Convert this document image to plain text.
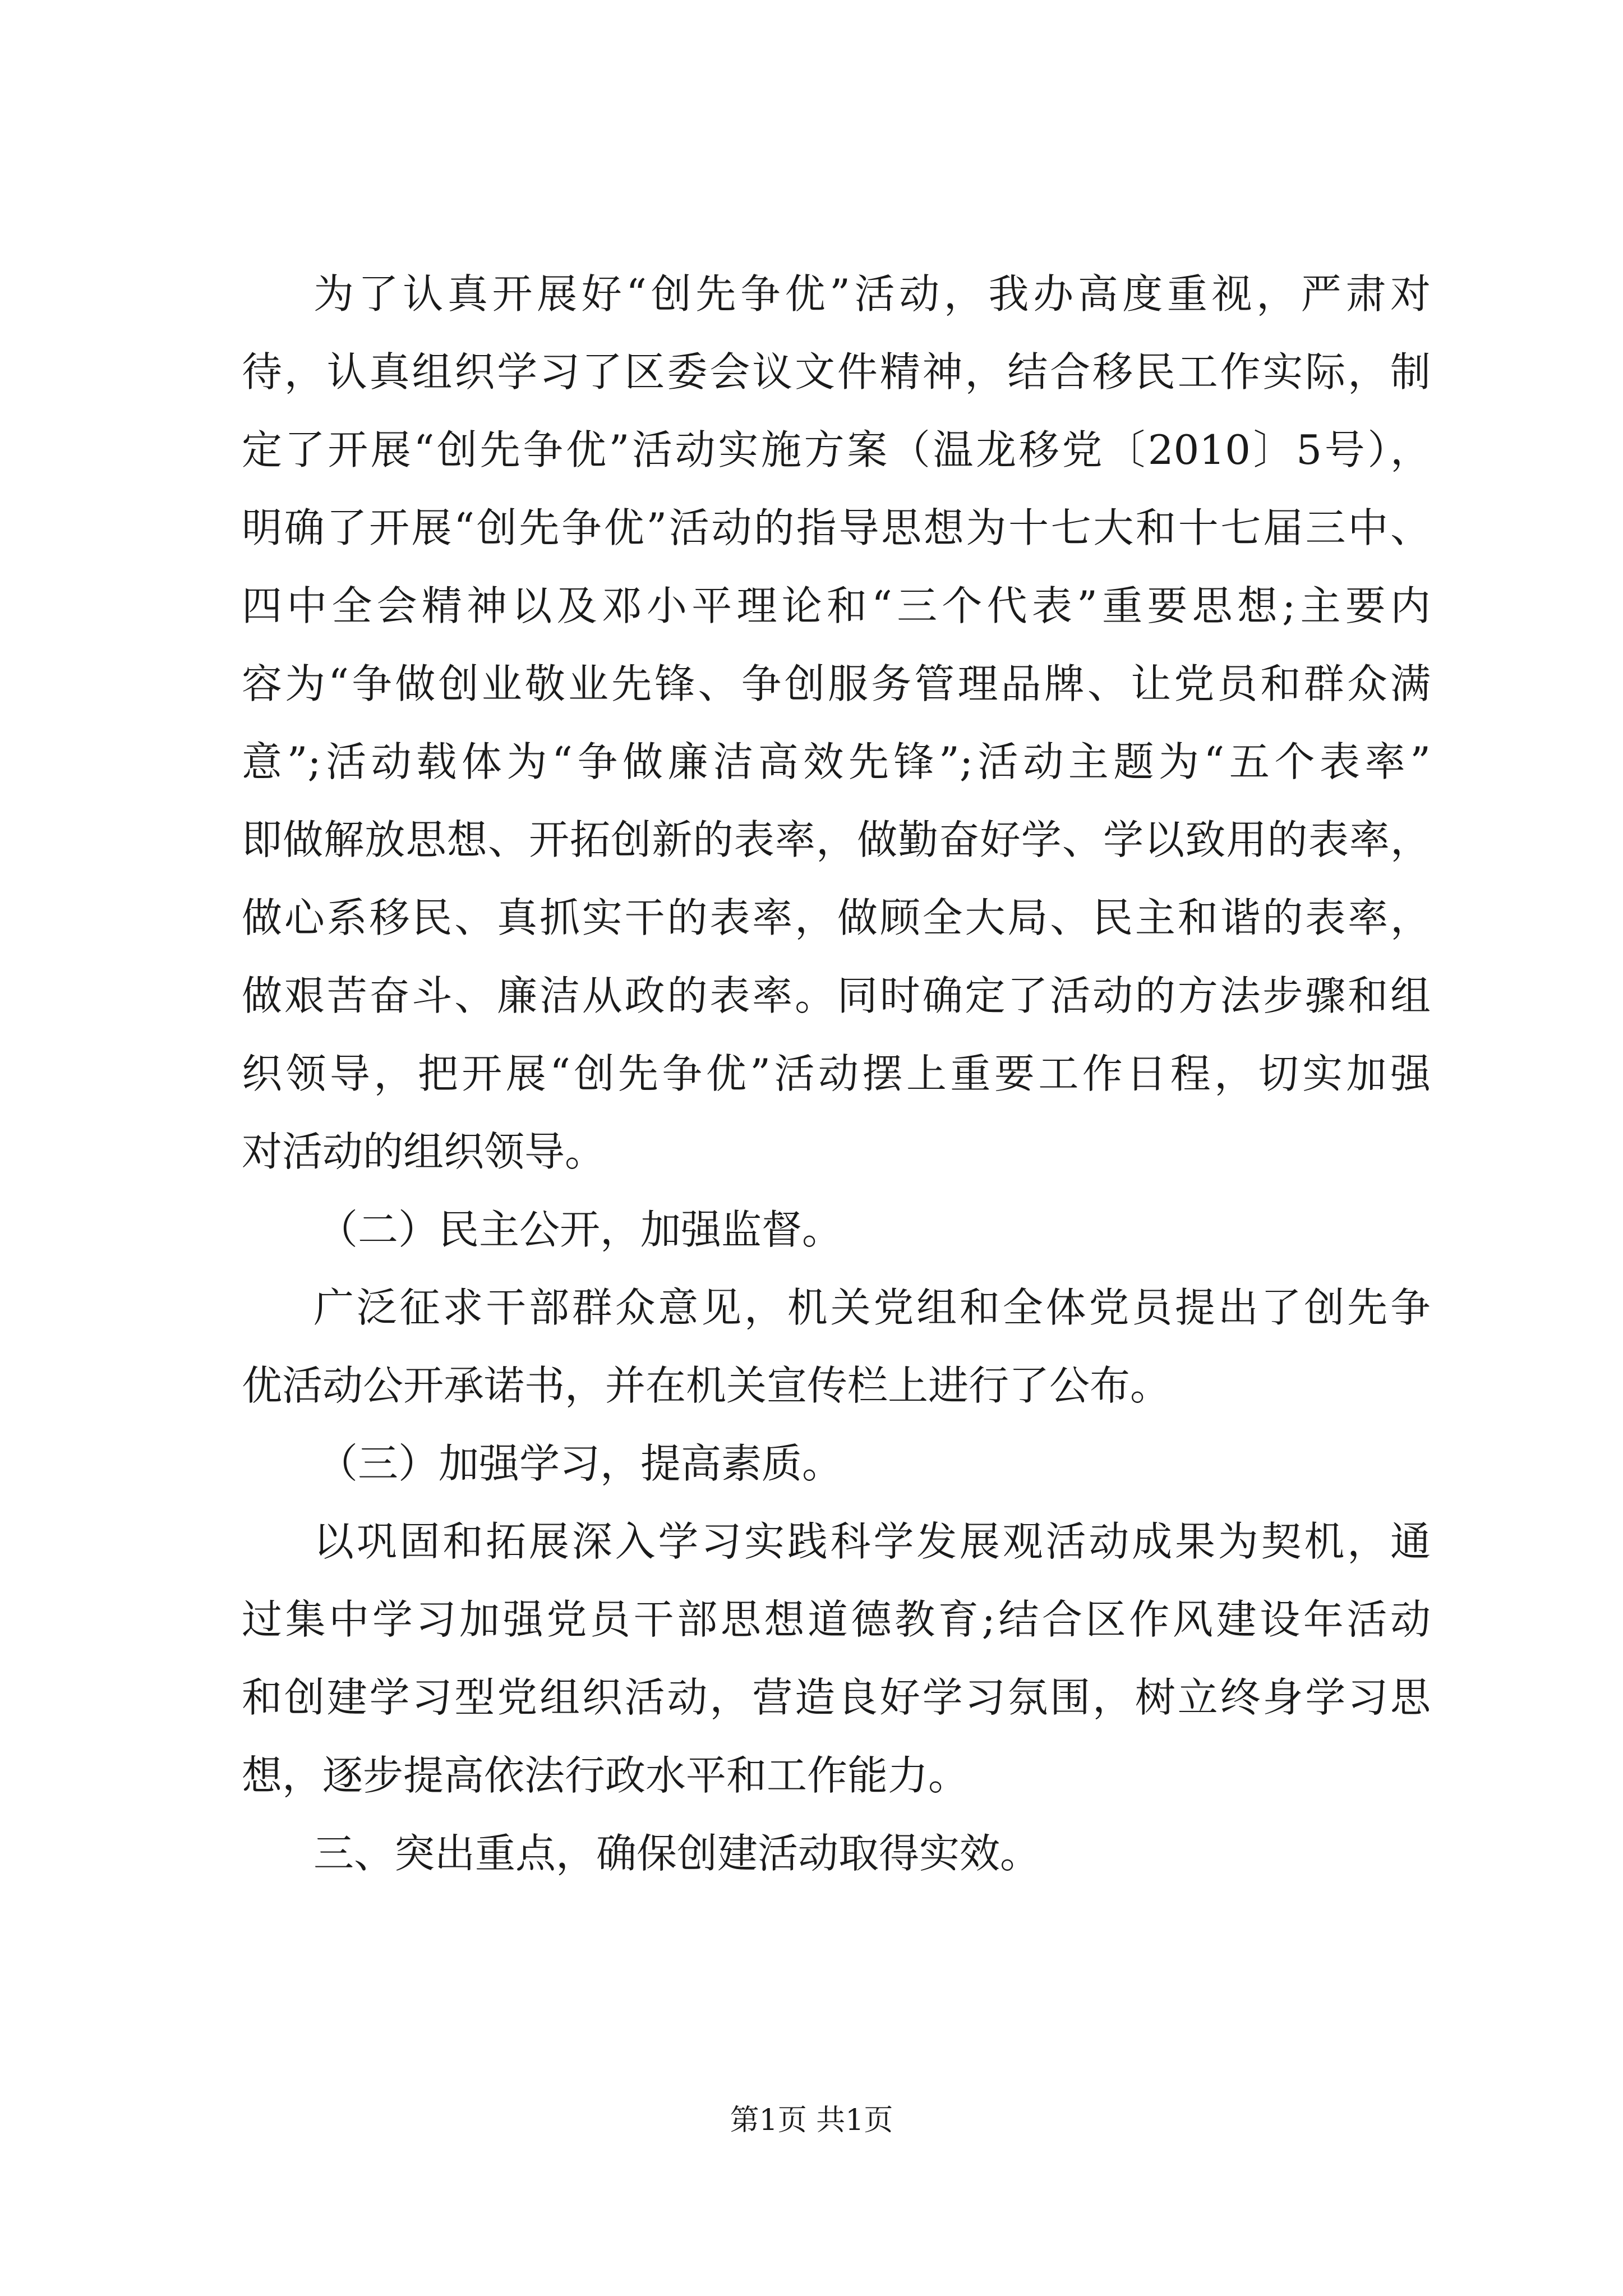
为了认真开展好“创先争优”活动，我办高度重视，严肃对
待，认真组织学习了区委会议文件精神，结合移民工作实际，制
定了开展“创先争优”活动实施方案（温龙移党〔2010〕5号），
明确了开展“创先争优”活动的指导思想为十七大和十七届三中、
四中全会精神以及邓小平理论和“三个代表”重要思想;主要内
容为“争做创业敬业先锋、争创服务管理品牌、让党员和群众满
意”;活动载体为“争做廉洁高效先锋”;活动主题为“五个表率”
即做解放思想、开拓创新的表率，做勤奋好学、学以致用的表率，
做心系移民、真抓实干的表率，做顾全大局、民主和谐的表率，
做艰苦奋斗、廉洁从政的表率。同时确定了活动的方法步骤和组
织领导，把开展“创先争优”活动摆上重要工作日程，切实加强
对活动的组织领导。
（二）民主公开，加强监督。
广泛征求干部群众意见，机关党组和全体党员提出了创先争
优活动公开承诺书，并在机关宣传栏上进行了公布。
（三）加强学习，提高素质。
以巩固和拓展深入学习实践科学发展观活动成果为契机，通
过集中学习加强党员干部思想道德教育;结合区作风建设年活动
和创建学习型党组织活动，营造良好学习氛围，树立终身学习思
想，逐步提高依法行政水平和工作能力。
三、突出重点，确保创建活动取得实效。
第1页 共1页
